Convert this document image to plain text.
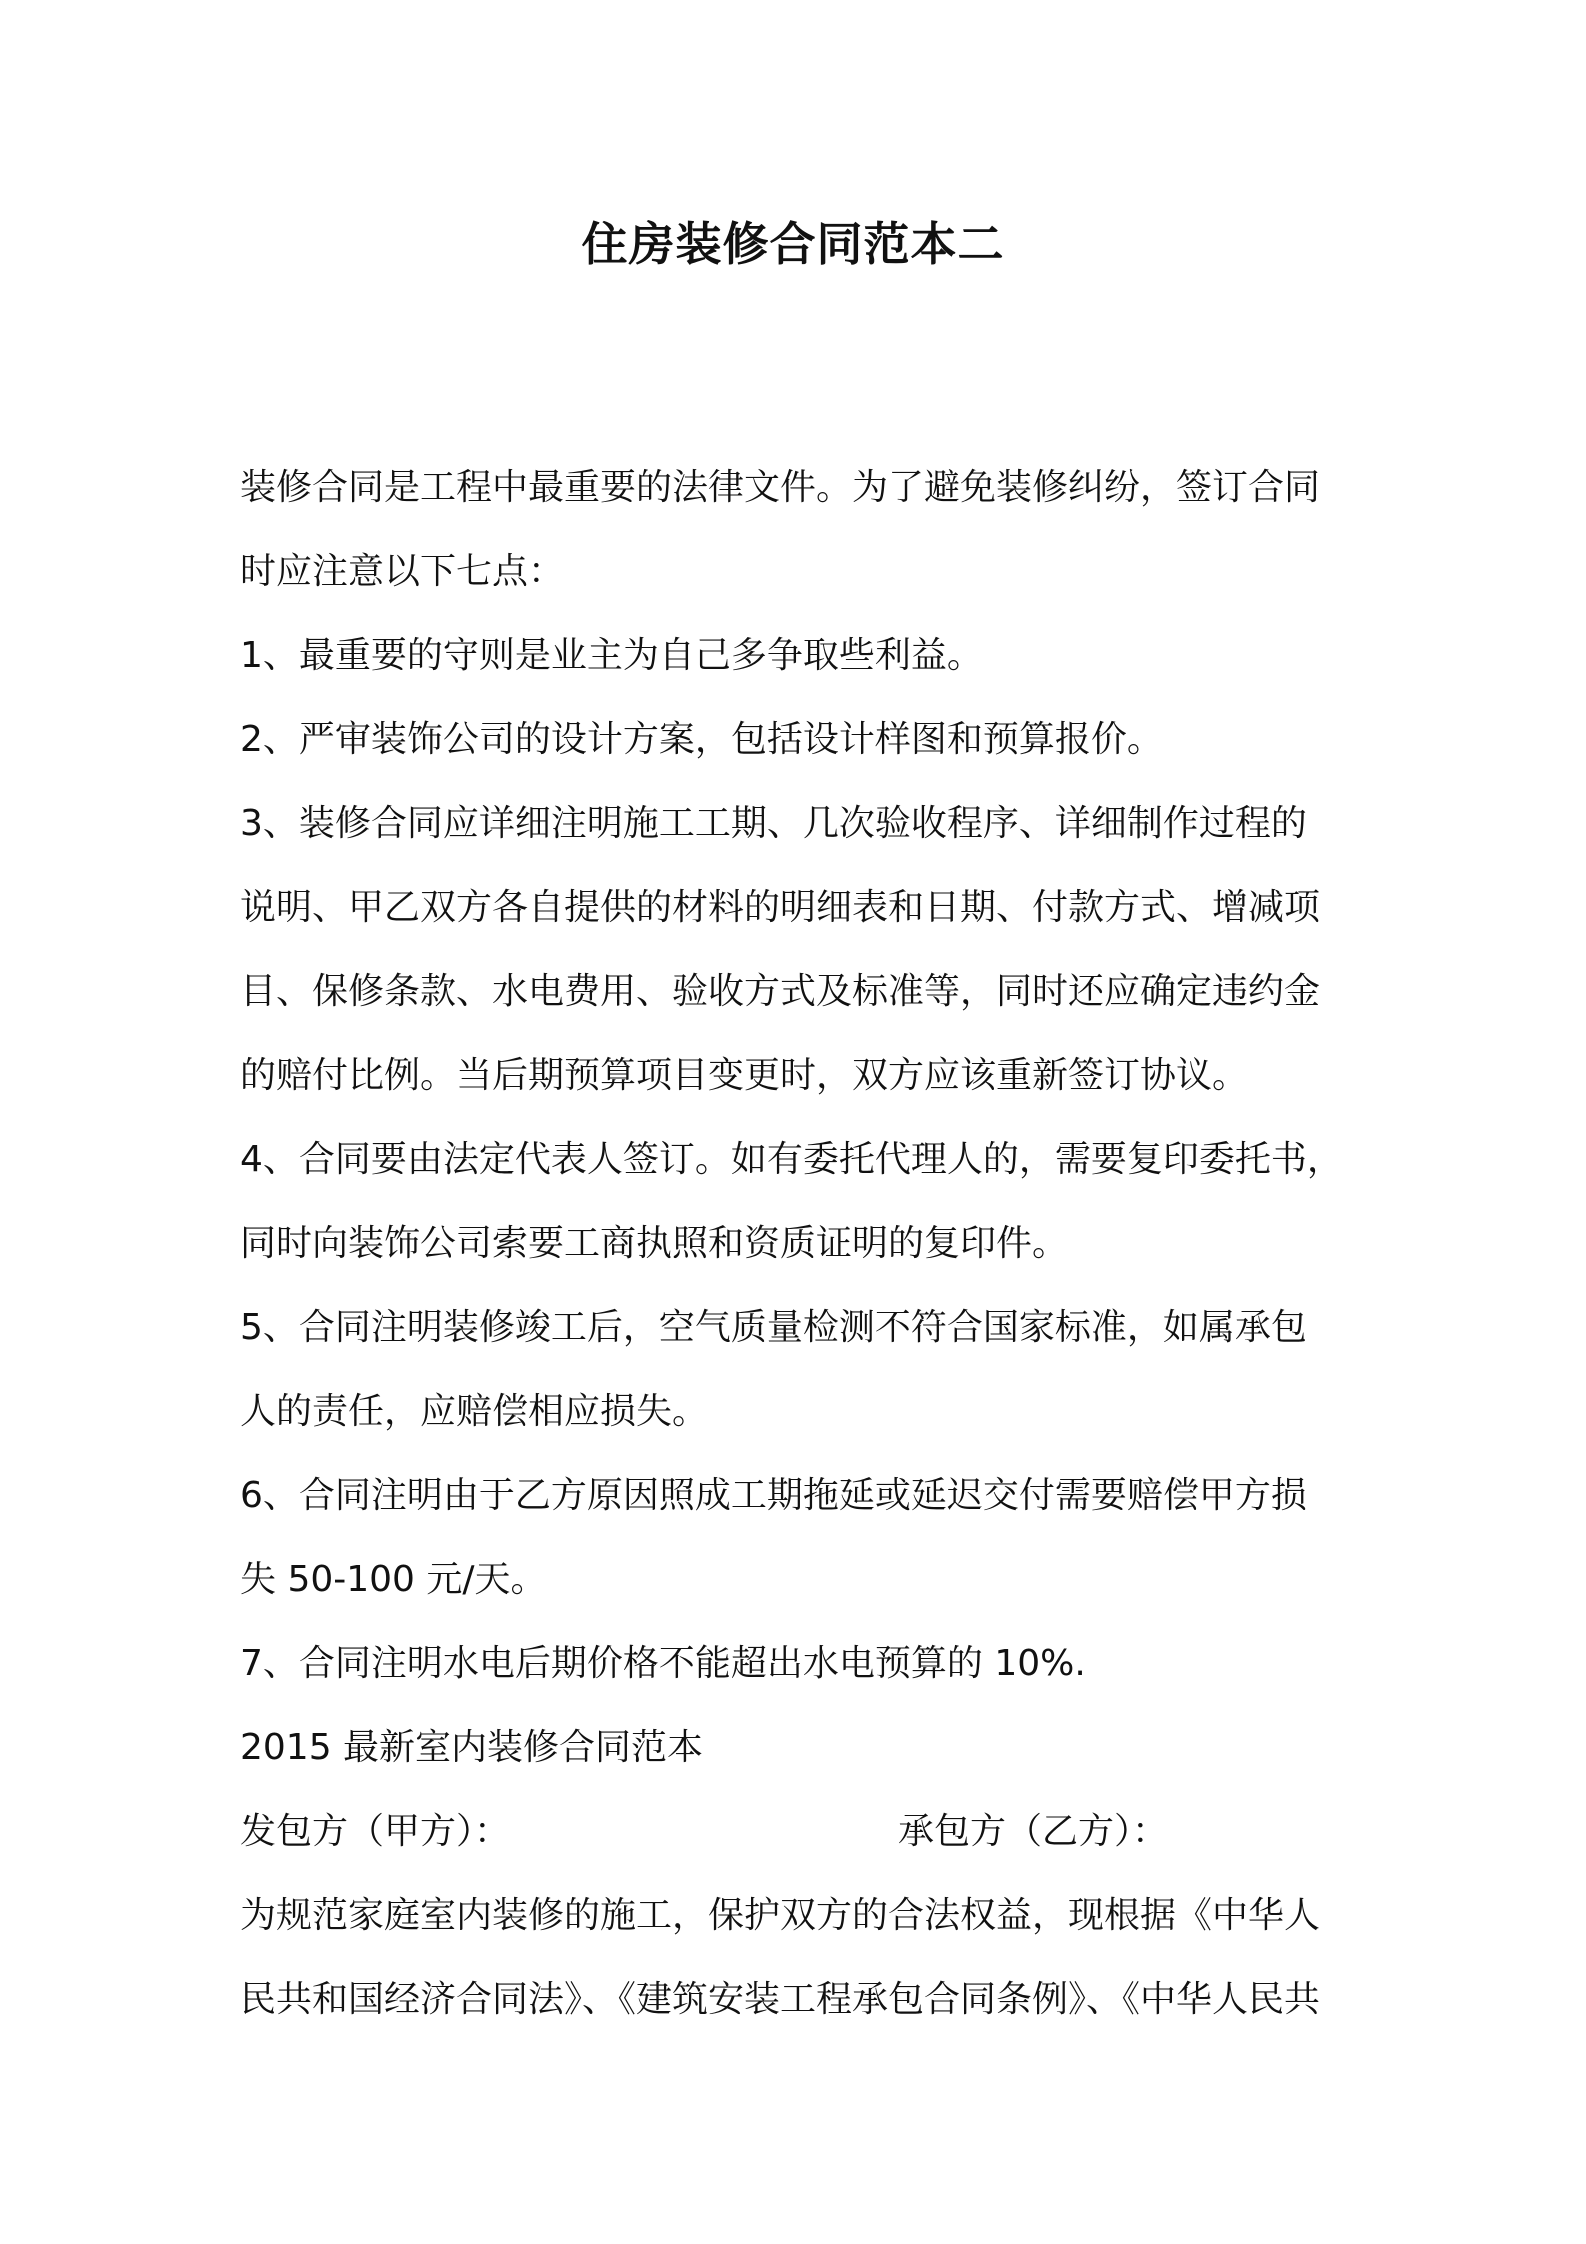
住房装修合同范本二
装修合同是工程中最重要的法律文件。为了避免装修纠纷，签订合同
时应注意以下七点：
1、最重要的守则是业主为自己多争取些利益。
2、严审装饰公司的设计方案，包括设计样图和预算报价。
3、装修合同应详细注明施工工期、几次验收程序、详细制作过程的
说明、甲乙双方各自提供的材料的明细表和日期、付款方式、增减项
目、保修条款、水电费用、验收方式及标准等，同时还应确定违约金
的赔付比例。当后期预算项目变更时，双方应该重新签订协议。
4、合同要由法定代表人签订。如有委托代理人的，需要复印委托书，
同时向装饰公司索要工商执照和资质证明的复印件。
5、合同注明装修竣工后，空气质量检测不符合国家标准，如属承包
人的责任，应赔偿相应损失。
6、合同注明由于乙方原因照成工期拖延或延迟交付需要赔偿甲方损
失 50-100 元/天。
7、合同注明水电后期价格不能超出水电预算的 10%.
2015 最新室内装修合同范本
发包方（甲方）：	承包方（乙方）：
为规范家庭室内装修的施工，保护双方的合法权益，现根据《中华人
民共和国经济合同法》、《建筑安装工程承包合同条例》、《中华人民共
